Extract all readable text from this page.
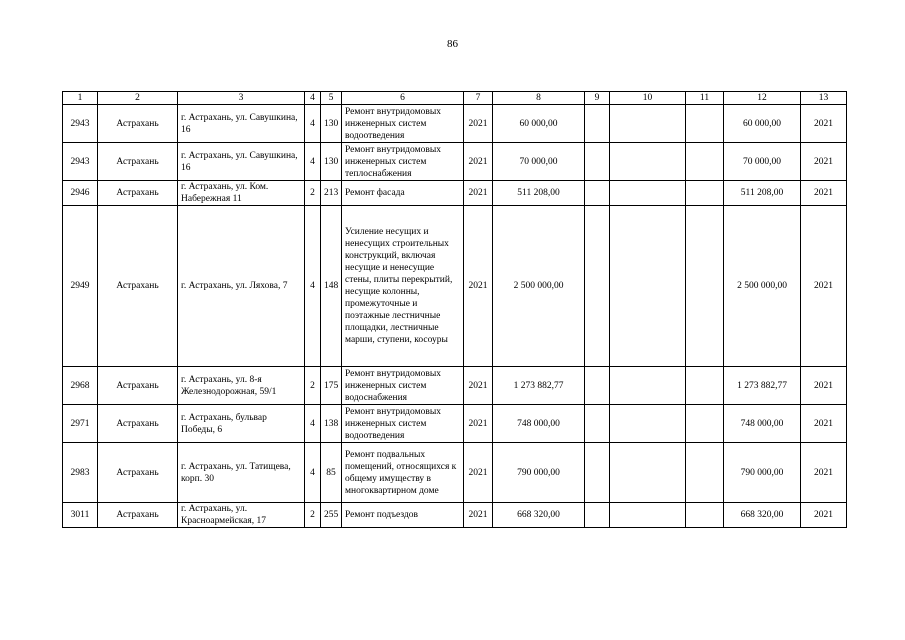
86
1	2	3	4	5	6	7	8	9	10	11	12	13
2943	Астрахань	г. Астрахань, ул. Савушкина, 16	4	130	Ремонт внутридомовых инженерных систем водоотведения	2021	60 000,00				60 000,00	2021
2943	Астрахань	г. Астрахань, ул. Савушкина, 16	4	130	Ремонт внутридомовых инженерных систем теплоснабжения	2021	70 000,00				70 000,00	2021
2946	Астрахань	г. Астрахань, ул. Ком. Набережная 11	2	213	Ремонт фасада	2021	511 208,00				511 208,00	2021
2949	Астрахань	г. Астрахань, ул. Ляхова, 7	4	148	Усиление несущих и ненесущих строительных конструкций, включая несущие и ненесущие стены, плиты перекрытий, несущие колонны, промежуточные и поэтажные лестничные площадки, лестничные марши, ступени, косоуры	2021	2 500 000,00				2 500 000,00	2021
2968	Астрахань	г. Астрахань, ул. 8-я Железнодорожная, 59/1	2	175	Ремонт внутридомовых инженерных систем водоснабжения	2021	1 273 882,77				1 273 882,77	2021
2971	Астрахань	г. Астрахань, бульвар Победы, 6	4	138	Ремонт внутридомовых инженерных систем водоотведения	2021	748 000,00				748 000,00	2021
2983	Астрахань	г. Астрахань, ул. Татищева, корп. 30	4	85	Ремонт подвальных помещений, относящихся к общему имуществу в многоквартирном доме	2021	790 000,00				790 000,00	2021
3011	Астрахань	г. Астрахань, ул. Красноармейская, 17	2	255	Ремонт подъездов	2021	668 320,00				668 320,00	2021
